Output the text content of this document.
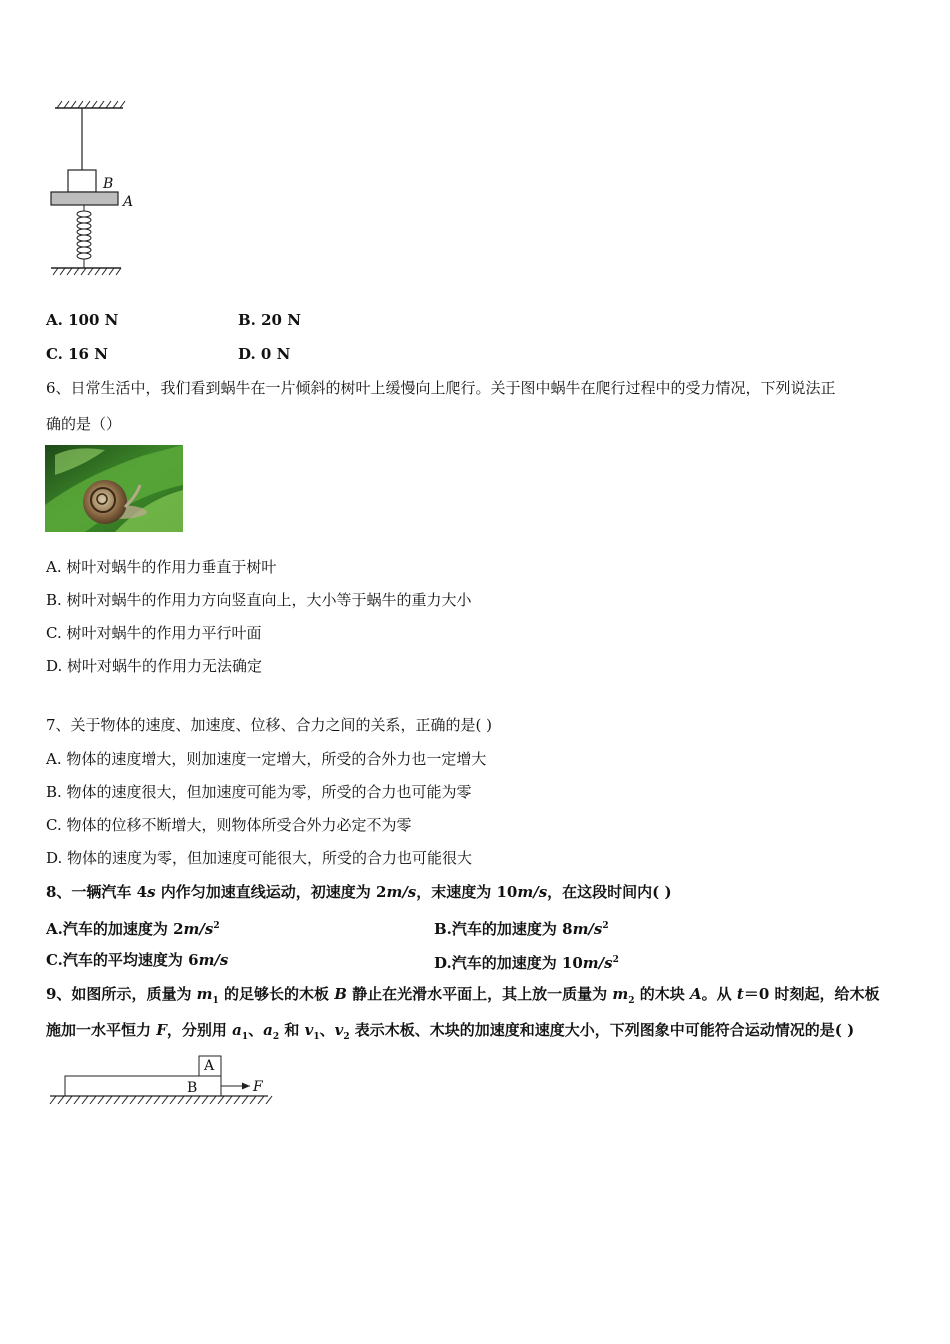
B
A
A. 100 N	B. 20 N
C. 16 N	D. 0 N
6、日常生活中，我们看到蜗牛在一片倾斜的树叶上缓慢向上爬行。关于图中蜗牛在爬行过程中的受力情况，下列说法正
确的是（）
A. 树叶对蜗牛的作用力垂直于树叶
B. 树叶对蜗牛的作用力方向竖直向上，大小等于蜗牛的重力大小
C. 树叶对蜗牛的作用力平行叶面
D. 树叶对蜗牛的作用力无法确定
7、关于物体的速度、加速度、位移、合力之间的关系，正确的是( )
A. 物体的速度增大，则加速度一定增大，所受的合外力也一定增大
B. 物体的速度很大，但加速度可能为零，所受的合力也可能为零
C. 物体的位移不断增大，则物体所受合外力必定不为零
D. 物体的速度为零，但加速度可能很大，所受的合力也可能很大
8、一辆汽车 4s 内作匀加速直线运动，初速度为 2m/s，末速度为 10m/s，在这段时间内( )
A.汽车的加速度为 $2m/s^2$	B.汽车的加速度为 $8m/s^2$
C.汽车的平均速度为 6m/s	D.汽车的加速度为 $10m/s^2$
9、如图所示，质量为 $m_1$ 的足够长的木板 B 静止在光滑水平面上，其上放一质量为 $m_2$ 的木块 A。从 t＝0 时刻起，给木板
施加一水平恒力 F，分别用 $a_1$、$a_2$ 和 $v_1$、$v_2$ 表示木板、木块的加速度和速度大小，下列图象中可能符合运动情况的是( )
A
B	F
